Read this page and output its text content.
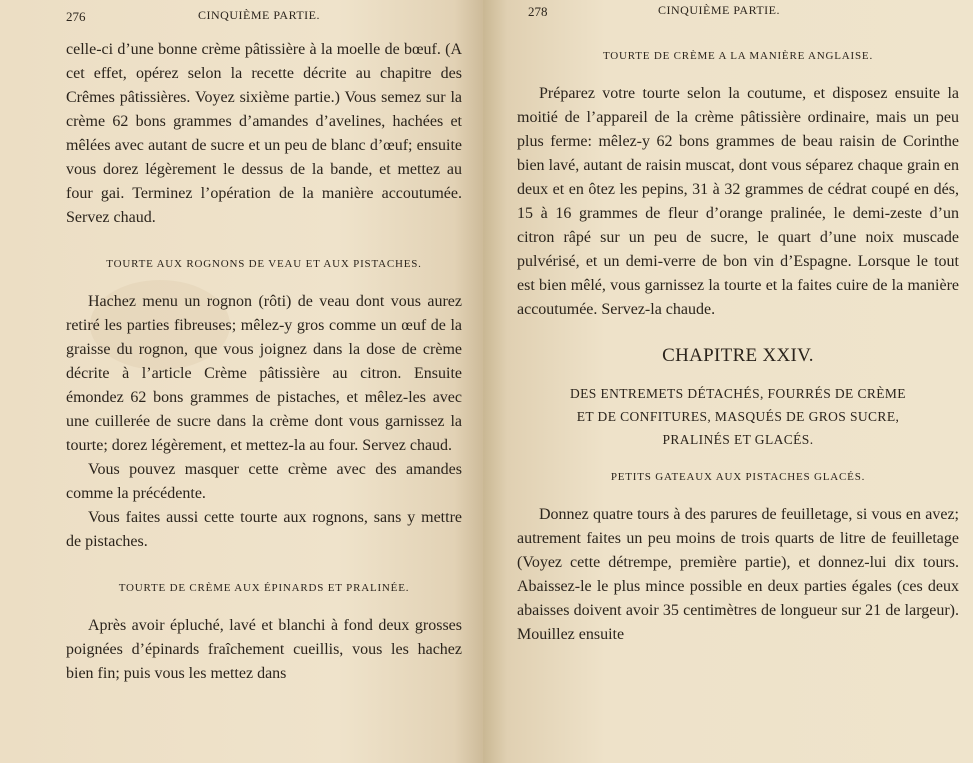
276	CINQUIÈME PARTIE.

celle-ci d’une bonne crème pâtissière à la moelle de bœuf. (A cet effet, opérez selon la recette décrite au chapitre des Crêmes pâtissières. Voyez sixième partie.) Vous semez sur la crème 62 bons grammes d’amandes d’avelines, hachées et mêlées avec autant de sucre et un peu de blanc d’œuf; ensuite vous dorez légèrement le dessus de la bande, et mettez au four gai. Terminez l’opération de la manière accoutumée. Servez chaud.

TOURTE AUX ROGNONS DE VEAU ET AUX PISTACHES.

Hachez menu un rognon (rôti) de veau dont vous aurez retiré les parties fibreuses; mêlez-y gros comme un œuf de la graisse du rognon, que vous joignez dans la dose de crème décrite à l’article Crème pâtissière au citron. Ensuite émondez 62 bons grammes de pistaches, et mêlez-les avec une cuillerée de sucre dans la crème dont vous garnissez la tourte; dorez légèrement, et mettez-la au four. Servez chaud.

Vous pouvez masquer cette crème avec des amandes comme la précédente.

Vous faites aussi cette tourte aux rognons, sans y mettre de pistaches.

TOURTE DE CRÈME AUX ÉPINARDS ET PRALINÉE.

Après avoir épluché, lavé et blanchi à fond deux grosses poignées d’épinards fraîchement cueillis, vous les hachez bien fin; puis vous les mettez dans

278	CINQUIÈME PARTIE.

TOURTE DE CRÈME A LA MANIÈRE ANGLAISE.

Préparez votre tourte selon la coutume, et disposez ensuite la moitié de l’appareil de la crème pâtissière ordinaire, mais un peu plus ferme: mêlez-y 62 bons grammes de beau raisin de Corinthe bien lavé, autant de raisin muscat, dont vous séparez chaque grain en deux et en ôtez les pepins, 31 à 32 grammes de cédrat coupé en dés, 15 à 16 grammes de fleur d’orange pralinée, le demi-zeste d’un citron râpé sur un peu de sucre, le quart d’une noix muscade pulvérisé, et un demi-verre de bon vin d’Espagne. Lorsque le tout est bien mêlé, vous garnissez la tourte et la faites cuire de la manière accoutumée. Servez-la chaude.

CHAPITRE XXIV.

DES ENTREMETS DÉTACHÉS, FOURRÉS DE CRÈME

ET DE CONFITURES, MASQUÉS DE GROS SUCRE,

PRALINÉS ET GLACÉS.

PETITS GATEAUX AUX PISTACHES GLACÉS.

Donnez quatre tours à des parures de feuilletage, si vous en avez; autrement faites un peu moins de trois quarts de litre de feuilletage (Voyez cette détrempe, première partie), et donnez-lui dix tours. Abaissez-le le plus mince possible en deux parties égales (ces deux abaisses doivent avoir 35 centimètres de longueur sur 21 de largeur). Mouillez ensuite
